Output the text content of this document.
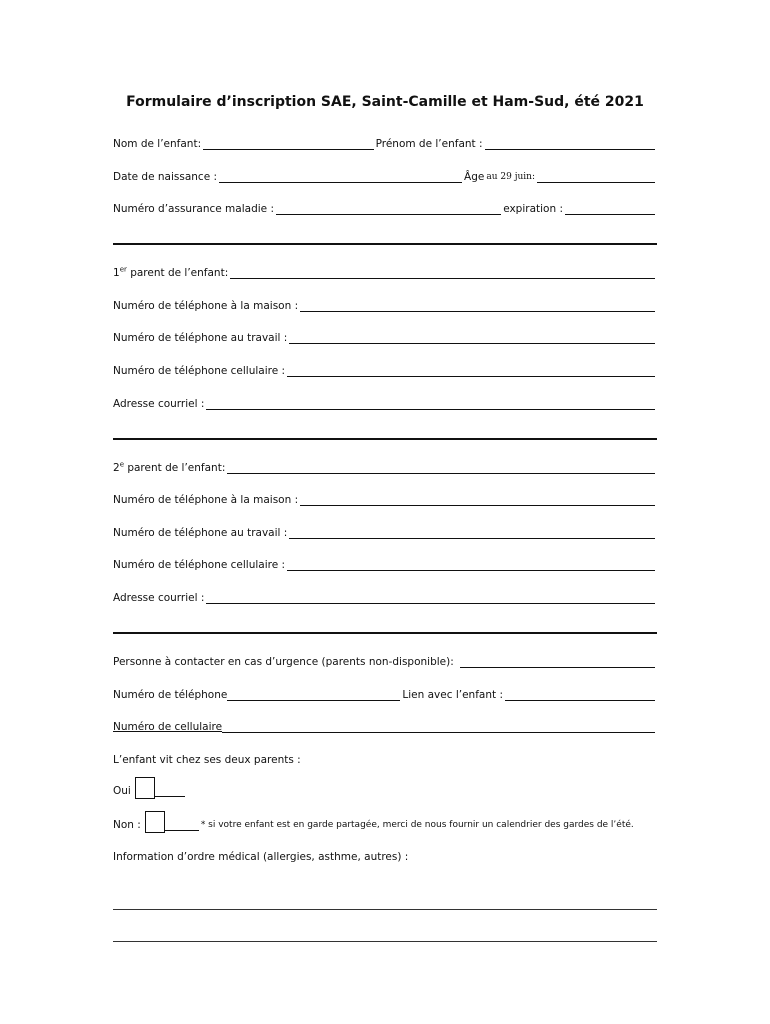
Formulaire d’inscription SAE, Saint-Camille et Ham-Sud, été 2021
Nom de l’enfant:	Prénom de l’enfant :
Date de naissance :	Âge au 29 juin:
Numéro d’assurance maladie :	expiration :
1er parent de l’enfant:
Numéro de téléphone à la maison :
Numéro de téléphone au travail :
Numéro de téléphone cellulaire :
Adresse courriel :
2e parent de l’enfant:
Numéro de téléphone à la maison :
Numéro de téléphone au travail :
Numéro de téléphone cellulaire :
Adresse courriel :
Personne à contacter en cas d’urgence (parents non-disponible):
Numéro de téléphone	Lien avec l’enfant :
Numéro de cellulaire
L’enfant vit chez ses deux parents :
Oui
Non :	* si votre enfant est en garde partagée, merci de nous fournir un calendrier des gardes de l’été.
Information d’ordre médical (allergies, asthme, autres) :
